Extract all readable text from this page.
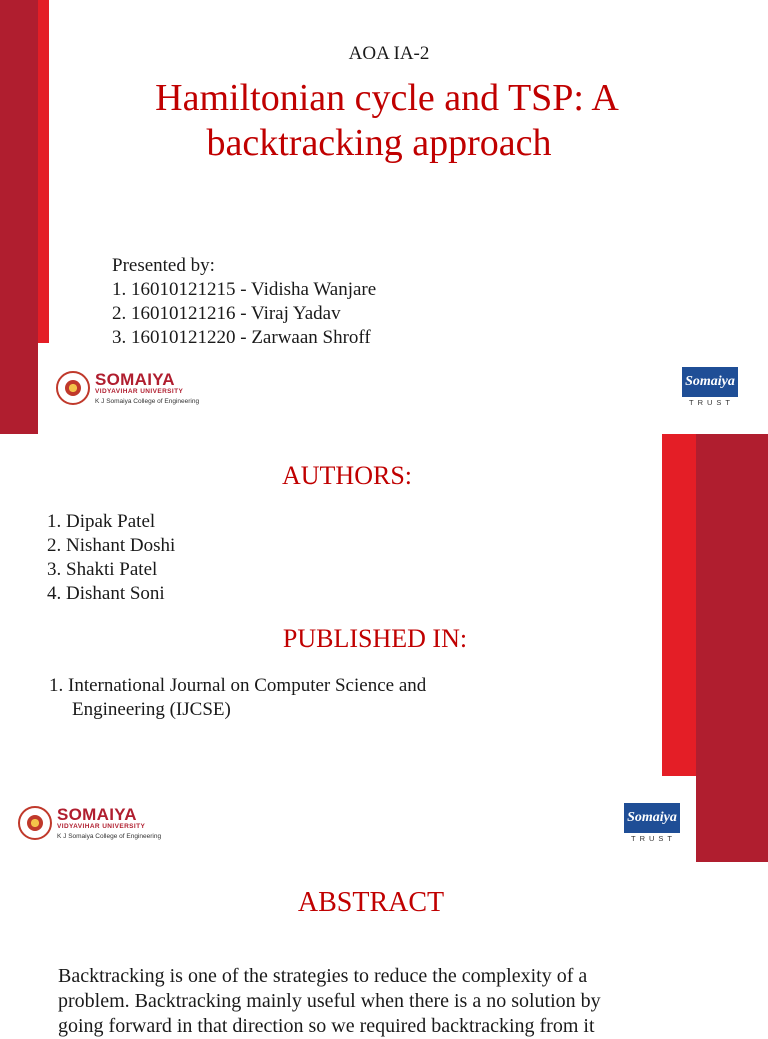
AOA IA-2
Hamiltonian cycle and TSP: A
backtracking approach
Presented by:
1. 16010121215 - Vidisha Wanjare
2. 16010121216 - Viraj Yadav
3. 16010121220 - Zarwaan Shroff
SOMAIYA
VIDYAVIHAR UNIVERSITY
K J Somaiya College of Engineering
Somaiya
TRUST
AUTHORS:
1. Dipak Patel
2. Nishant Doshi
3. Shakti Patel
4. Dishant Soni
PUBLISHED IN:
1. International Journal on Computer Science and
Engineering (IJCSE)
SOMAIYA
VIDYAVIHAR UNIVERSITY
K J Somaiya College of Engineering
Somaiya
TRUST
ABSTRACT
Backtracking is one of the strategies to reduce the complexity of a
problem. Backtracking mainly useful when there is a no solution by
going forward in that direction so we required backtracking from it
